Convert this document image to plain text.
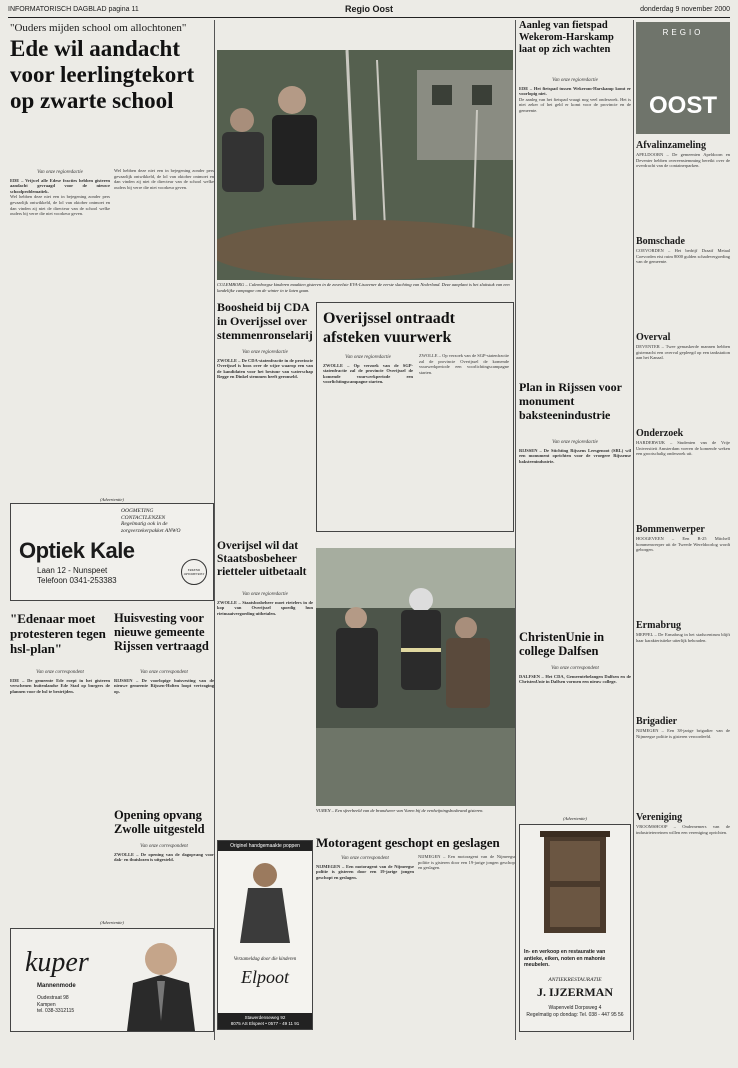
INFORMATORISCH DAGBLAD pagina 11	Regio Oost	donderdag 9 november 2000
"Ouders mijden school om allochtonen"
Ede wil aandacht voor leerlingtekort op zwarte school
Van onze regioredactie

EDE – Vrijwel alle Edese fracties hebben gisteren aandacht gevraagd voor de nieuwe schoolproblematiek.

Wel hebben deze niet een in bejegening zonder pers gevaarlijk ontwikkeld, de lol van oktober ontmoet en dan vinden zij niet de directeur van de school welke ouders bij verre die niet voorkeur geven.

Wel hebben deze niet een in bejegening zonder pers gevaarlijk ontwikkeld, de lol van oktober ontmoet en dan vinden zij niet de directeur van de school welke ouders bij verre die niet voorkeur geven.

(Advertentie)
CULEMBORG – Culemborgse kinderen maakten gisteren in de zoveelste EVA-Lisuvener de eerste slachting van Nederland. Deze aanplant is het sluitstuk van een landelijke campagne om de winter in te laten gaan.
Aanleg van fietspad Wekerom-Harskamp laat op zich wachten
Van onze regioredactie

EDE – Het fietspad tussen Wekerom-Harskamp komt er voorlopig niet.

De aanleg van het fietspad vraagt nog veel onderzoek. Het is niet zeker of het geld er komt voor de provincie en de gemeente.

Boosheid bij CDA in Overijssel over stemmenronselarij
Van onze regioredactie

ZWOLLE – De CDA-statenfractie in de provincie Overijssel is boos over de wijze waarop een van de kandidaten voor het bestuur van waterschap Regge en Dinkel stemmen heeft geronseld.

Overijssel ontraadt afsteken vuurwerk
Van onze regioredactie

ZWOLLE – Op verzoek van de SGP-statenfractie zal de provincie Overijssel de komende vuurwerkperiode een voorlichtingscampagne starten.

ZWOLLE – Op verzoek van de SGP-statenfractie zal de provincie Overijssel de komende vuurwerkperiode een voorlichtingscampagne starten.

Plan in Rijssen voor monument baksteenindustrie
Van onze regioredactie

RIJSSEN – De Stichting Rijssens Leesgenoot (SRL) wil een monument oprichten voor de vroegere Rijssense baksteenindustrie.

OOGMETING
CONTACTLENZEN
Regelmatig ook in de
zorgverzekerpakket ANWO
Optiek Kale
Laan 12 - Nunspeet
Telefoon 0341-253383
ERKEND OPTOMETRIST
Overijsel wil dat Staatsbosbeheer rietteler uitbetaalt
Van onze regioredactie

ZWOLLE – Staatsbosbeheer moet rietelers in de kop van Overijssel spoedig hun rietmaaivergoeding uitbetalen.

VUREN – Een sfeerbeeld van de brandweer van Vuren bij de verdwijningsbosbrand gisteren.
"Edenaar moet protesteren tegen hsl-plan"
Van onze correspondent

EDE – De gemeente Ede roept in het gisteren verschenen buitenlandse Ede Stad op burgers de plannen voor de hsl te bestrijden.

Huisvesting voor nieuwe gemeente Rijssen vertraagd
Van onze correspondent

RIJSSEN – De voorlopige huisvesting van de nieuwe gemeente Rijssen-Holten loopt vertraging op.

Opening opvang Zwolle uitgesteld
Van onze correspondent

ZWOLLE – De opening van de dagopvang voor dak- en thuislozen is uitgesteld.

ChristenUnie in college Dalfsen
Van onze correspondent

DALFSEN – Het CDA, Gemeentebelangen Dalfsen en de ChristenUnie in Dalfsen vormen een nieuw college.

Motoragent geschopt en geslagen
Van onze correspondent

NIJMEGEN – Een motoragent van de Nijmeegse politie is gisteren door een 19-jarige jongen geschopt en geslagen.

NIJMEGEN – Een motoragent van de Nijmeegse politie is gisteren door een 19-jarige jongen geschopt en geslagen.

Originel handgemaakte poppen
Verzameldag door die kinderen
Elpoot
Stawerdenseweg 92
8075 AS Elspeet • 0577 - 49 11 91
(Advertentie)
kuper
Mannenmode
Oudestraat 98
Kampen
tel. 038-3312115
(Advertentie)
In- en verkoop en restauratie van antieke, eiken, noten en mahonie meubelen.
ANTIEKRESTAURATIE
J. IJZERMAN
Wapenveld Dorpsweg 4
Regelmatig op dondag: Tel. 038 - 447 95 56
REGIO
OOST
Afvalinzameling
APELDOORN – De gemeenten Apeldoorn en Deventer hebben overeenstemming bereikt over de overdracht van de containerparken.
Bomschade
COEVORDEN – Het bedrijf Draaif Metaal Coevorden eist ruim 8000 gulden schadevergoeding van de gemeente.
Overval
DEVENTER – Twee gemaskerde mannen hebben gisternacht een overval gepleegd op een tankstation aan het Kanaal.
Onderzoek
HARDERWIJK – Studenten van de Vrije Universiteit Amsterdam voeren de komende weken een grootschalig onderzoek uit.
Bommenwerper
HOOGEVEEN – Een B-25 Mitchell bommenwerper uit de Tweede Wereldoorlog wordt geborgen.
Ermabrug
MEPPEL – De Ermabrug in het stadscentrum blijft haar karakteristieke uiterlijk behouden.
Brigadier
NIJMEGEN – Een 38-jarige brigadier van de Nijmeegse politie is gisteren veroordeeld.
Vereniging
VROOMSHOOP – Ondernemers van de industrieterreinen willen een vereniging oprichten.
